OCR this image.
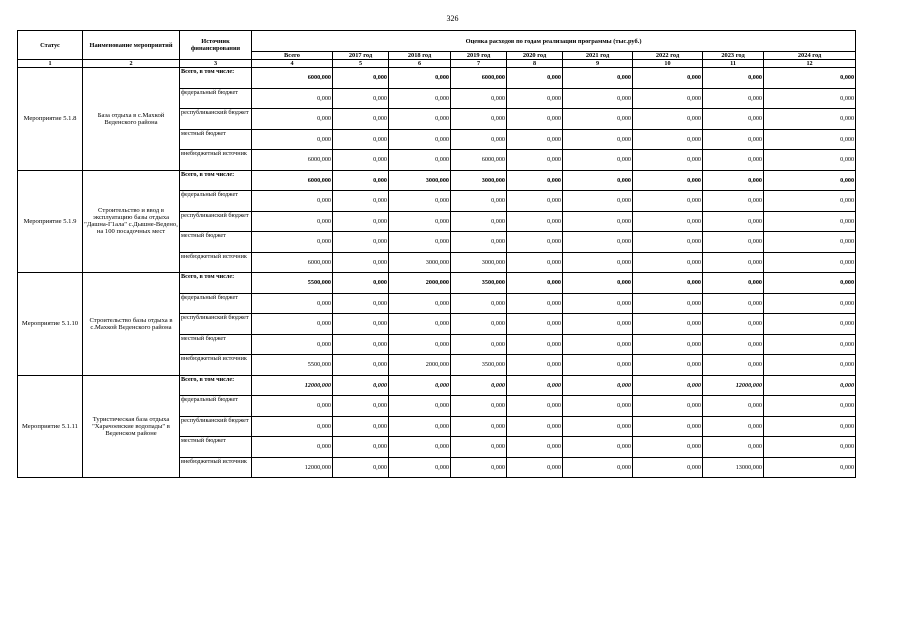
326
Статус	Наименование мероприятий	Источник финансирования	Оценка расходов по годам реализации программы (тыс.руб.)								
			Всего	2017 год	2018 год	2019 год	2020 год	2021 год	2022 год	2023 год	2024 год
1	2	3	4	5	6	7	8	9	10	11	12
Мероприятие 5.1.8	База отдыха в с.Махкой Веденского района	Всего, в том числе:	6000,000	0,000	0,000	6000,000	0,000	0,000	0,000	0,000	0,000
		федеральный бюджет	0,000	0,000	0,000	0,000	0,000	0,000	0,000	0,000	0,000
		республиканский бюджет	0,000	0,000	0,000	0,000	0,000	0,000	0,000	0,000	0,000
		местный бюджет	0,000	0,000	0,000	0,000	0,000	0,000	0,000	0,000	0,000
		внебюджетный источник	6000,000	0,000	0,000	6000,000	0,000	0,000	0,000	0,000	0,000
Мероприятие 5.1.9	Строительство и ввод в эксплуатацию базы отдыха "Дашна-Г1ала" с.Дышне-Ведено, на 100 посадочных мест	Всего, в том числе:	6000,000	0,000	3000,000	3000,000	0,000	0,000	0,000	0,000	0,000
		федеральный бюджет	0,000	0,000	0,000	0,000	0,000	0,000	0,000	0,000	0,000
		республиканский бюджет	0,000	0,000	0,000	0,000	0,000	0,000	0,000	0,000	0,000
		местный бюджет	0,000	0,000	0,000	0,000	0,000	0,000	0,000	0,000	0,000
		внебюджетный источник	6000,000	0,000	3000,000	3000,000	0,000	0,000	0,000	0,000	0,000
Мероприятие 5.1.10	Строительство базы отдыха в с.Махкой Веденского района	Всего, в том числе:	5500,000	0,000	2000,000	3500,000	0,000	0,000	0,000	0,000	0,000
		федеральный бюджет	0,000	0,000	0,000	0,000	0,000	0,000	0,000	0,000	0,000
		республиканский бюджет	0,000	0,000	0,000	0,000	0,000	0,000	0,000	0,000	0,000
		местный бюджет	0,000	0,000	0,000	0,000	0,000	0,000	0,000	0,000	0,000
		внебюджетный источник	5500,000	0,000	2000,000	3500,000	0,000	0,000	0,000	0,000	0,000
Мероприятие 5.1.11	Туристическая база отдыха "Харачоевские водопады" в Веденском районе	Всего, в том числе:	12000,000	0,000	0,000	0,000	0,000	0,000	0,000	12000,000	0,000
		федеральный бюджет	0,000	0,000	0,000	0,000	0,000	0,000	0,000	0,000	0,000
		республиканский бюджет	0,000	0,000	0,000	0,000	0,000	0,000	0,000	0,000	0,000
		местный бюджет	0,000	0,000	0,000	0,000	0,000	0,000	0,000	0,000	0,000
		внебюджетный источник	12000,000	0,000	0,000	0,000	0,000	0,000	0,000	13000,000	0,000
